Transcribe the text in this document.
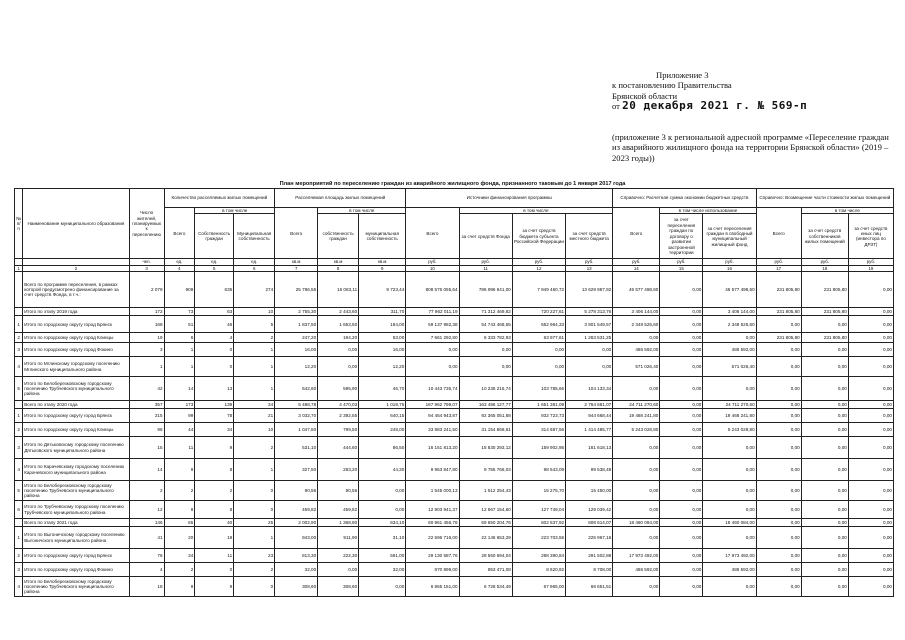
Приложение 3
к постановлению Правительства
Брянской области
от 20 декабря 2021 г. № 569-п
(приложение 3 к региональной адресной программе «Переселение граждан из аварийного жилищного фонда на территории Брянской области» (2019 – 2023 годы))
План мероприятий по переселению граждан из аварийного жилищного фонда, признанного таковым до 1 января 2017 года
№ п/п	Наименование муниципального образования	Число жителей, планируемых к переселению	Количество расселяемых жилых помещений			Расселяемая площадь жилых помещений			Источники финансирования программы				Справочно: Расчетная сумма экономии бюджетных средств			Справочно: Возмещение части стоимости жилых помещений		
			Всего	в том числе		Всего	в том числе		Всего	в том числе			Всего	в том числе использование		Всего	в том числе	
				Собственность граждан	Муниципальная собственность		собственность граждан	муниципальная собственность		за счет средств Фонда	за счет средств бюджета субъекта Российской Федерации	за счет средств местного бюджета		за счет переселения граждан по договору о развитии застроенной территории	за счет переселения граждан в свободный муниципальный жилищный фонд		за счет средств собственников жилых помещений	за счет средств иных лиц (инвестора по ДРЗТ)
		чел.	ед.	ед.	ед.	кв.м	кв.м	кв.м	руб.	руб.	руб.	руб.	руб.	руб.	руб.	руб.	руб.	руб.
1	2	3	4	5	6	7	8	9	10	11	12	13	14	15	16	17	18	19
	Всего по программе переселения, в рамках которой предусмотрено финансирование за счет средств Фонда, в т.ч.:	2 079	909	635	274	25 786,55	16 063,11	9 723,44	808 576 055,64	786 996 641,00	7 949 460,72	13 629 987,92	46 577 498,60	0,00	46 577 498,60	231 805,80	231 805,80	0,00
	Итого по этапу 2019 года	172	73	63	10	2 755,30	2 443,60	311,70	77 962 011,19	71 312 469,82	720 227,61	5 278 313,76	3 406 144,00	0,00	3 406 144,00	231 805,80	231 805,80	0,00
1	Итого по городскому округу город Брянск	168	51	46	5	1 837,50	1 653,50	184,00	59 137 982,38	54 743 468,55	552 964,33	3 801 549,57	2 348 525,60	0,00	2 348 525,60	0,00	0,00	0,00
2	Итого по городскому округу город Клинцы	19	6	4	2	247,20	194,20	53,00	7 661 292,80	6 333 782,93	63 977,61	1 263 531,25	0,00	0,00	0,00	231 805,80	231 805,80	0,00
3	Итого по городскому округу город Фокино	3	1	0	1	16,00	0,00	16,00	0,00	0,00	0,00	0,00	486 592,00	0,00	486 592,00	0,00	0,00	0,00
4	Итого по Мглинскому городскому поселению Мглинского муниципального района	1	1	0	1	12,20	0,00	12,20	0,00	0,00	0,00	0,00	571 026,40	0,00	571 026,40	0,00	0,00	0,00
5	Итого по Белоберезковскому городскому поселению Трубчевского муниципального района	42	14	13	1	642,60	595,90	46,70	10 443 735,74	10 235 216,74	103 785,66	104 133,34	0,00	0,00	0,00	0,00	0,00	0,00
	Всего по этапу 2020 года	357	173	139	34	5 488,78	4 470,03	1 018,75	167 962 799,07	163 486 127,77	1 651 381,09	2 764 681,07	24 711 270,60	0,00	24 711 270,60	0,00	0,00	0,00
1	Итого по городскому округу город Брянск	215	99	78	21	3 032,70	2 392,55	640,15	94 464 943,87	92 365 051,68	932 723,73	944 668,44	19 468 241,80	0,00	19 468 241,80	0,00	0,00	0,00
2	Итого по городскому округу город Клинцы	96	44	34	10	1 047,50	799,50	248,00	33 883 241,50	31 154 868,61	314 687,56	1 414 485,77	5 243 028,80	0,00	5 243 028,80	0,00	0,00	0,00
3	Итого по Дятьковскому городскому поселению Дятьковского муниципального района	15	11	9	2	531,10	444,60	86,50	16 151 813,20	15 830 293,12	159 902,95	161 618,13	0,00	0,00	0,00	0,00	0,00	0,00
4	Итого по Карачевскому городскому поселению Карачевского муниципального района	14	9	8	1	327,50	283,20	44,30	9 953 847,80	9 755 766,03	98 543,09	99 538,48	0,00	0,00	0,00	0,00	0,00	0,00
5	Итого по Белоберезковскому городскому поселению Трубчевского муниципального района	2	2	2	0	90,56	90,56	0,00	1 545 000,13	1 512 254,43	15 275,70	15 450,00	0,00	0,00	0,00	0,00	0,00	0,00
6	Итого по Трубчевскому городскому поселению Трубчевского муниципального района	12	8	8	0	459,82	459,82	0,00	12 903 941,37	12 667 154,60	127 749,04	129 039,42	0,00	0,00	0,00	0,00	0,00	0,00
	Всего по этапу 2021 года	146	65	40	25	2 002,90	1 368,80	634,10	60 961 456,78	59 650 204,76	602 537,92	608 614,07	18 460 084,00	0,00	18 460 084,00	0,00	0,00	0,00
1	Итого по Выгоничскому городскому поселению Выгоничского муниципального района	41	20	19	1	943,00	911,90	31,10	22 596 716,00	22 146 653,29	223 703,55	225 967,16	0,00	0,00	0,00	0,00	0,00	0,00
2	Итого по городскому округу город Брянск	76	34	11	23	813,30	222,30	591,00	29 130 587,76	28 550 694,04	288 390,84	291 502,88	17 973 492,00	0,00	17 973 492,00	0,00	0,00	0,00
3	Итого по городскому округу город Фокино	4	2	0	2	32,00	0,00	32,00	870 899,00	853 471,08	8 620,92	8 708,00	486 592,00	0,00	486 592,00	0,00	0,00	0,00
4	Итого по Белоберезковскому городскому поселению Трубчевского муниципального района	18	9	9	0	308,60	308,60	0,00	6 865 151,00	6 728 534,49	67 965,00	68 651,51	0,00	0,00	0,00	0,00	0,00	0,00
